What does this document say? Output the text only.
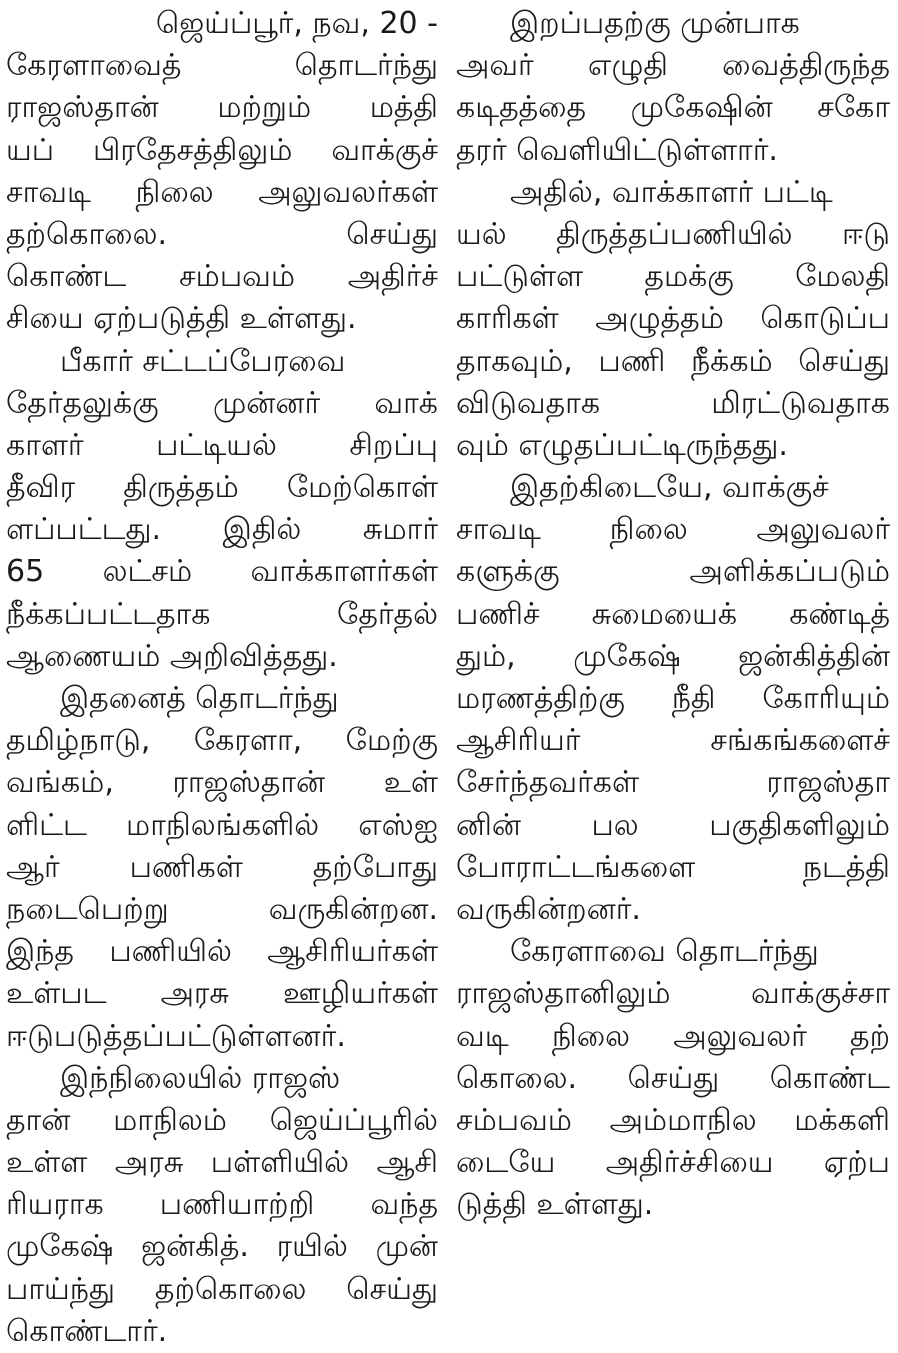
ஜெய்ப்பூர், நவ, 20 -
கேரளாவைத் தொடர்ந்து
ராஜஸ்தான் மற்றும் மத்தி
யப் பிரதேசத்திலும் வாக்குச்
சாவடி நிலை அலுவலர்கள்
தற்கொலை. செய்து
கொண்ட சம்பவம் அதிர்ச்
சியை ஏற்படுத்தி உள்ளது.
பீகார் சட்டப்பேரவை
தேர்தலுக்கு முன்னர் வாக்
காளர் பட்டியல் சிறப்பு
தீவிர திருத்தம் மேற்கொள்
ளப்பட்டது. இதில் சுமார்
65 லட்சம் வாக்காளர்கள்
நீக்கப்பட்டதாக தேர்தல்
ஆணையம் அறிவித்தது.
இதனைத் தொடர்ந்து
தமிழ்நாடு, கேரளா, மேற்கு
வங்கம், ராஜஸ்தான் உள்
ளிட்ட மாநிலங்களில் எஸ்ஐ
ஆர் பணிகள் தற்போது
நடைபெற்று வருகின்றன.
இந்த பணியில் ஆசிரியர்கள்
உள்பட அரசு ஊழியர்கள்
ஈடுபடுத்தப்பட்டுள்ளனர்.
இந்நிலையில் ராஜஸ்
தான் மாநிலம் ஜெய்ப்பூரில்
உள்ள அரசு பள்ளியில் ஆசி
ரியராக பணியாற்றி வந்த
முகேஷ் ஜன்கித். ரயில் முன்
பாய்ந்து தற்கொலை செய்து
கொண்டார்.
இறப்பதற்கு முன்பாக
அவர் எழுதி வைத்திருந்த
கடிதத்தை முகேஷின் சகோ
தரர் வெளியிட்டுள்ளார்.
அதில், வாக்காளர் பட்டி
யல் திருத்தப்பணியில் ஈடு
பட்டுள்ள தமக்கு மேலதி
காரிகள் அழுத்தம் கொடுப்ப
தாகவும், பணி நீக்கம் செய்து
விடுவதாக மிரட்டுவதாக
வும் எழுதப்பட்டிருந்தது.
இதற்கிடையே, வாக்குச்
சாவடி நிலை அலுவலர்
களுக்கு அளிக்கப்படும்
பணிச் சுமையைக் கண்டித்
தும், முகேஷ் ஜன்கித்தின்
மரணத்திற்கு நீதி கோரியும்
ஆசிரியர் சங்கங்களைச்
சேர்ந்தவர்கள் ராஜஸ்தா
னின் பல பகுதிகளிலும்
போராட்டங்களை நடத்தி
வருகின்றனர்.
கேரளாவை தொடர்ந்து
ராஜஸ்தானிலும் வாக்குச்சா
வடி நிலை அலுவலர் தற்
கொலை. செய்து கொண்ட
சம்பவம் அம்மாநில மக்களி
டையே அதிர்ச்சியை ஏற்ப
டுத்தி உள்ளது.
